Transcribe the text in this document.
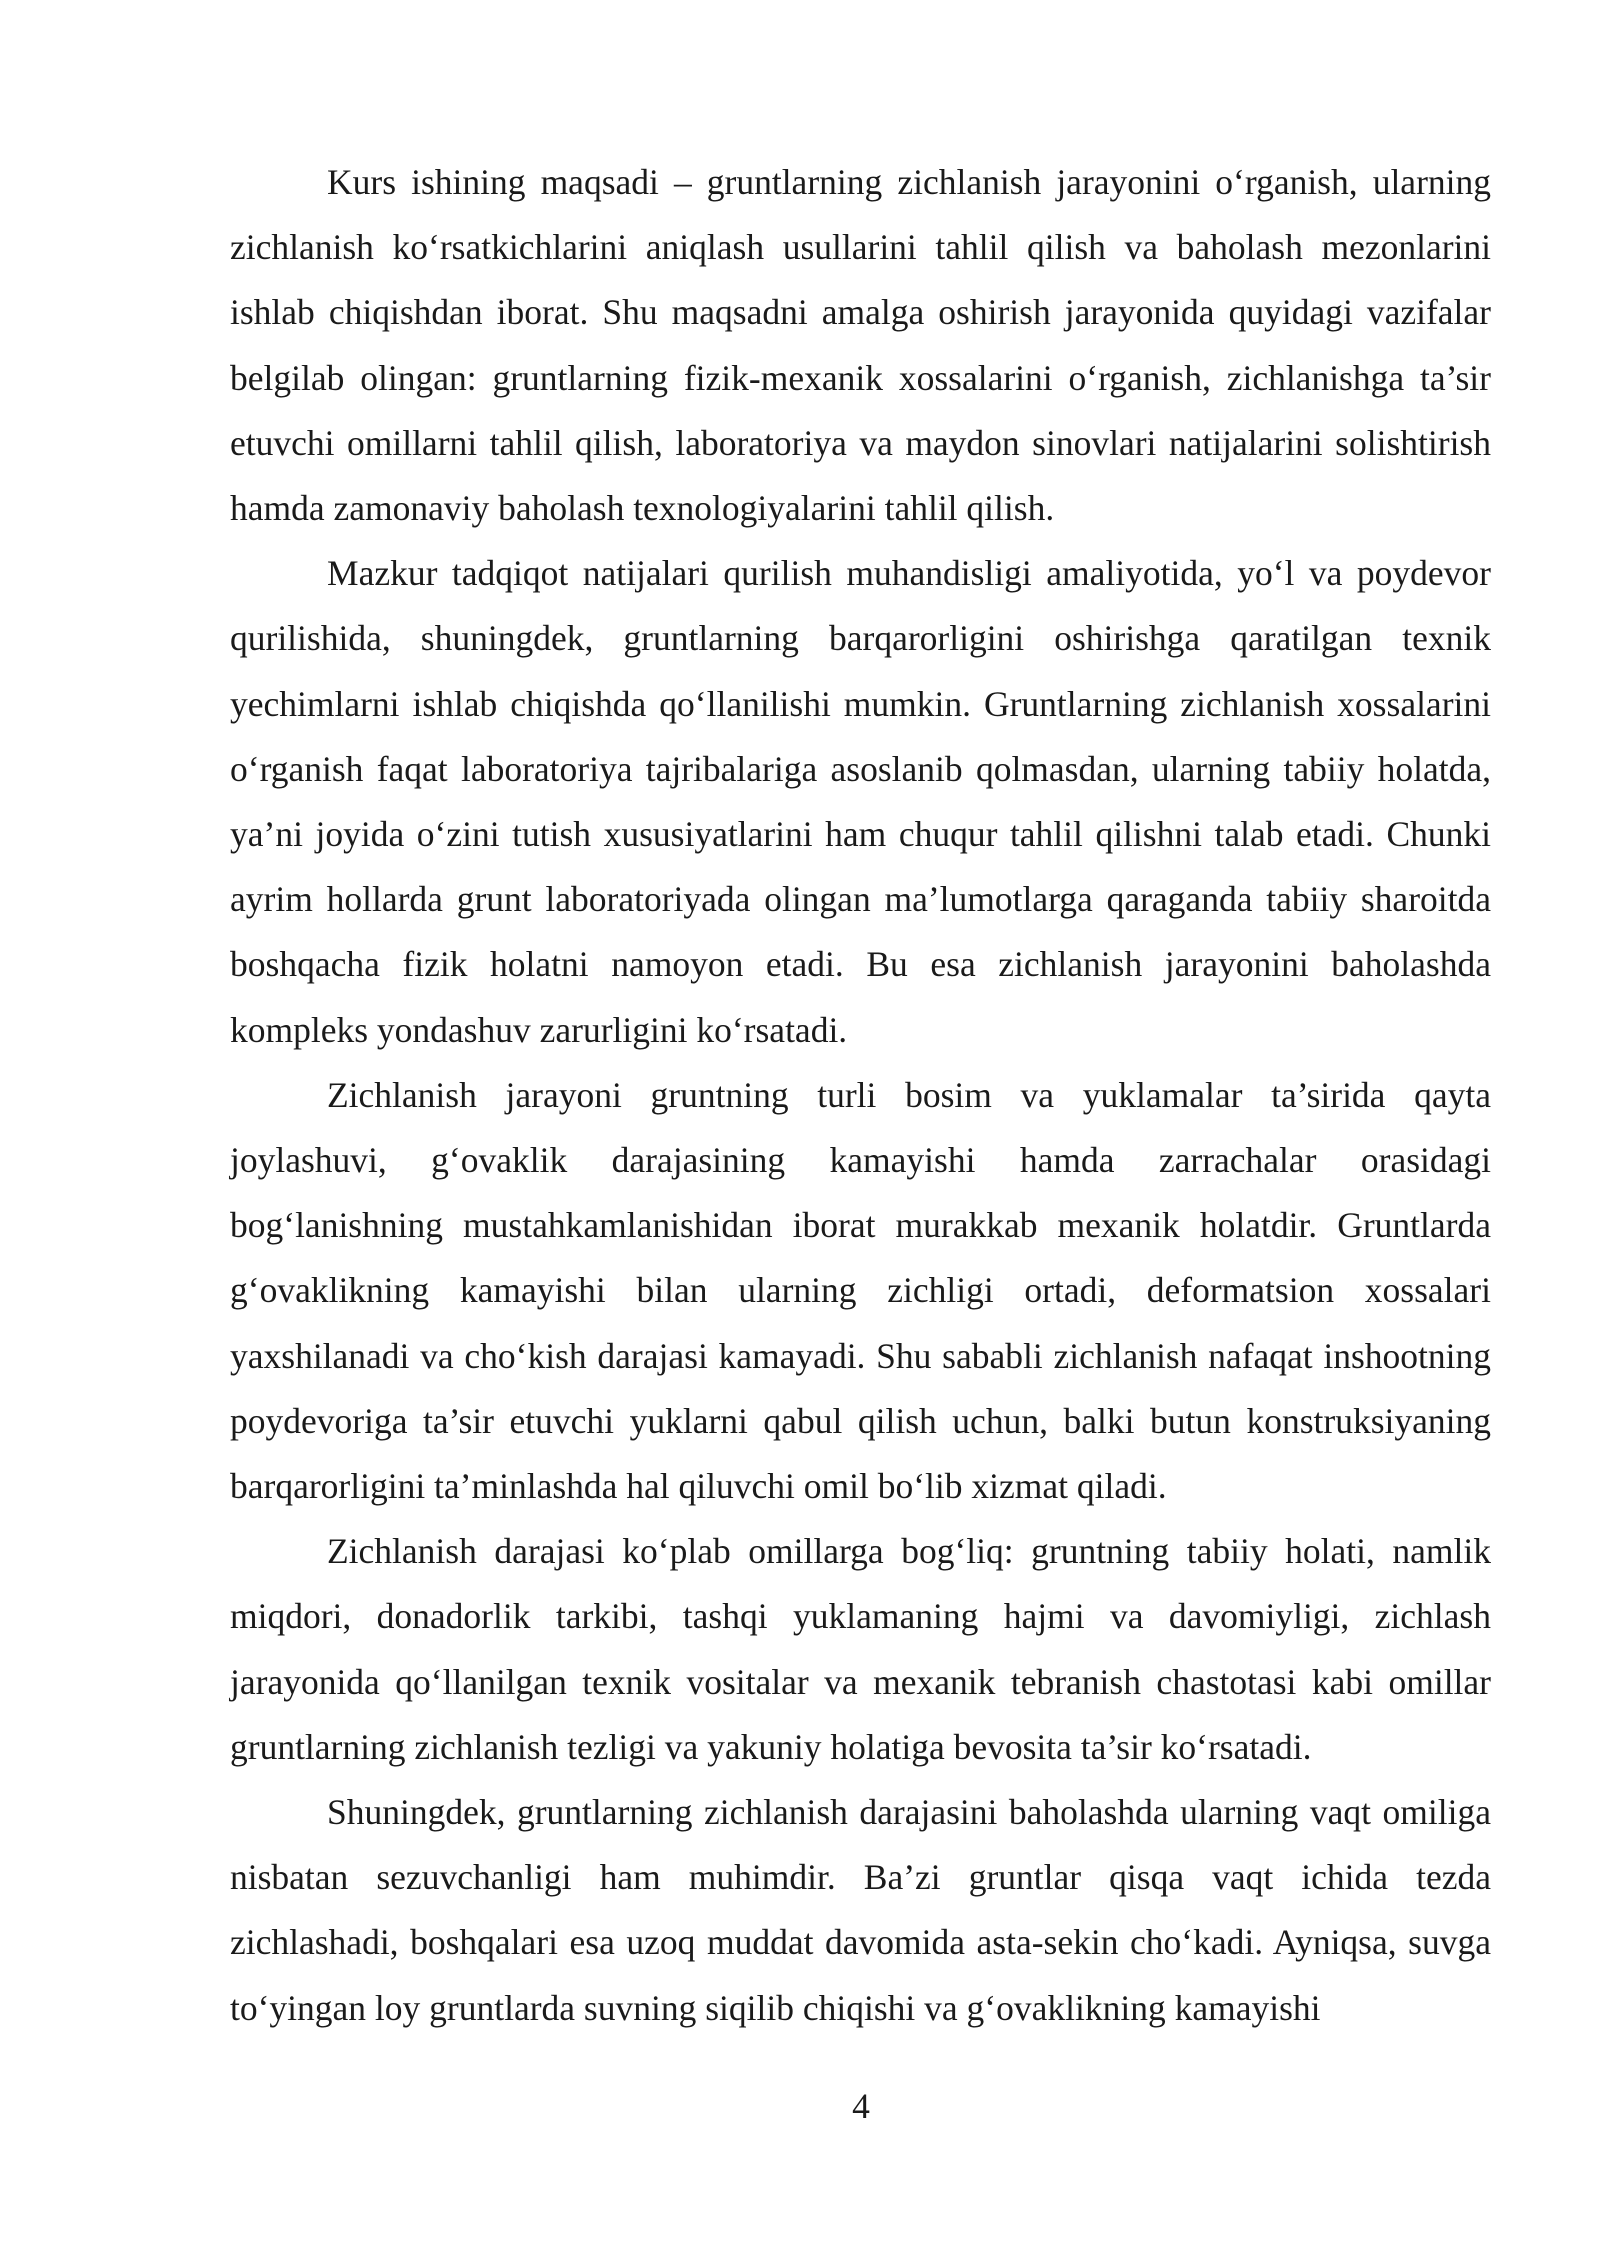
Kurs ishining maqsadi – gruntlarning zichlanish jarayonini o‘rganish, ularning zichlanish ko‘rsatkichlarini aniqlash usullarini tahlil qilish va baholash mezonlarini ishlab chiqishdan iborat. Shu maqsadni amalga oshirish jarayonida quyidagi vazifalar belgilab olingan: gruntlarning fizik-mexanik xossalarini o‘rganish, zichlanishga ta’sir etuvchi omillarni tahlil qilish, laboratoriya va maydon sinovlari natijalarini solishtirish hamda zamonaviy baholash texnologiyalarini tahlil qilish.

Mazkur tadqiqot natijalari qurilish muhandisligi amaliyotida, yo‘l va poydevor qurilishida, shuningdek, gruntlarning barqarorligini oshirishga qaratilgan texnik yechimlarni ishlab chiqishda qo‘llanilishi mumkin. Gruntlarning zichlanish xossalarini o‘rganish faqat laboratoriya tajribalariga asoslanib qolmasdan, ularning tabiiy holatda, ya’ni joyida o‘zini tutish xususiyatlarini ham chuqur tahlil qilishni talab etadi. Chunki ayrim hollarda grunt laboratoriyada olingan ma’lumotlarga qaraganda tabiiy sharoitda boshqacha fizik holatni namoyon etadi. Bu esa zichlanish jarayonini baholashda kompleks yondashuv zarurligini ko‘rsatadi.

Zichlanish jarayoni gruntning turli bosim va yuklamalar ta’sirida qayta joylashuvi, g‘ovaklik darajasining kamayishi hamda zarrachalar orasidagi bog‘lanishning mustahkamlanishidan iborat murakkab mexanik holatdir. Gruntlarda g‘ovaklikning kamayishi bilan ularning zichligi ortadi, deformatsion xossalari yaxshilanadi va cho‘kish darajasi kamayadi. Shu sababli zichlanish nafaqat inshootning poydevoriga ta’sir etuvchi yuklarni qabul qilish uchun, balki butun konstruksiyaning barqarorligini ta’minlashda hal qiluvchi omil bo‘lib xizmat qiladi.

Zichlanish darajasi ko‘plab omillarga bog‘liq: gruntning tabiiy holati, namlik miqdori, donadorlik tarkibi, tashqi yuklamaning hajmi va davomiyligi, zichlash jarayonida qo‘llanilgan texnik vositalar va mexanik tebranish chastotasi kabi omillar gruntlarning zichlanish tezligi va yakuniy holatiga bevosita ta’sir ko‘rsatadi.

Shuningdek, gruntlarning zichlanish darajasini baholashda ularning vaqt omiliga nisbatan sezuvchanligi ham muhimdir. Ba’zi gruntlar qisqa vaqt ichida tezda zichlashadi, boshqalari esa uzoq muddat davomida asta-sekin cho‘kadi. Ayniqsa, suvga to‘yingan loy gruntlarda suvning siqilib chiqishi va g‘ovaklikning kamayishi

4
